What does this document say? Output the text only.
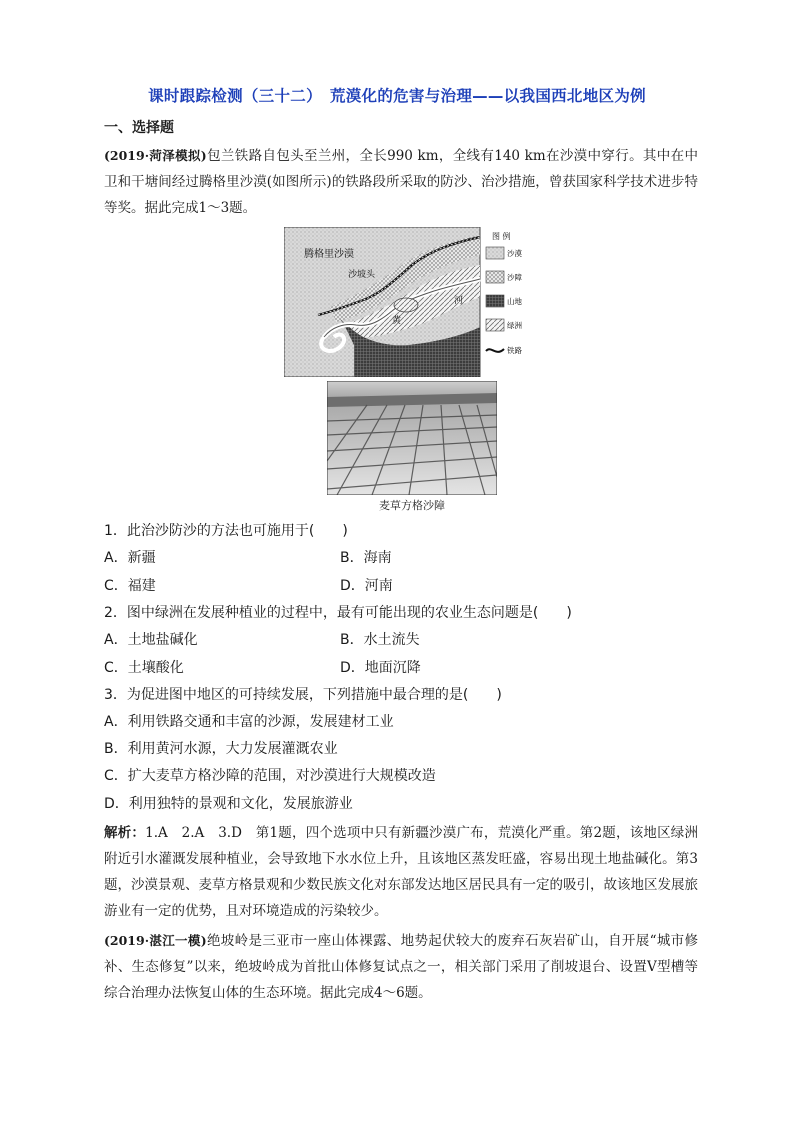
课时跟踪检测（三十二）　荒漠化的危害与治理——以我国西北地区为例
一、选择题
(2019·菏泽模拟)包兰铁路自包头至兰州，全长990 km，全线有140 km在沙漠中穿行。其中在中卫和干塘间经过腾格里沙漠(如图所示)的铁路段所采取的防沙、治沙措施，曾获国家科学技术进步特等奖。据此完成1～3题。
腾格里沙漠
沙坡头
黄
河
图 例
沙漠
沙障
山地
绿洲
铁路
麦草方格沙障
1．此治沙防沙的方法也可施用于(　　)
A．新疆	B．海南
C．福建	D．河南
2．图中绿洲在发展种植业的过程中，最有可能出现的农业生态问题是(　　)
A．土地盐碱化	B．水土流失
C．土壤酸化	D．地面沉降
3．为促进图中地区的可持续发展，下列措施中最合理的是(　　)
A．利用铁路交通和丰富的沙源，发展建材工业
B．利用黄河水源，大力发展灌溉农业
C．扩大麦草方格沙障的范围，对沙漠进行大规模改造
D．利用独特的景观和文化，发展旅游业
解析：1.A　2.A　3.D　第1题，四个选项中只有新疆沙漠广布，荒漠化严重。第2题，该地区绿洲附近引水灌溉发展种植业，会导致地下水水位上升，且该地区蒸发旺盛，容易出现土地盐碱化。第3题，沙漠景观、麦草方格景观和少数民族文化对东部发达地区居民具有一定的吸引，故该地区发展旅游业有一定的优势，且对环境造成的污染较少。
(2019·湛江一模)绝坡岭是三亚市一座山体裸露、地势起伏较大的废弃石灰岩矿山，自开展“城市修补、生态修复”以来，绝坡岭成为首批山体修复试点之一，相关部门采用了削坡退台、设置V型槽等综合治理办法恢复山体的生态环境。据此完成4～6题。
